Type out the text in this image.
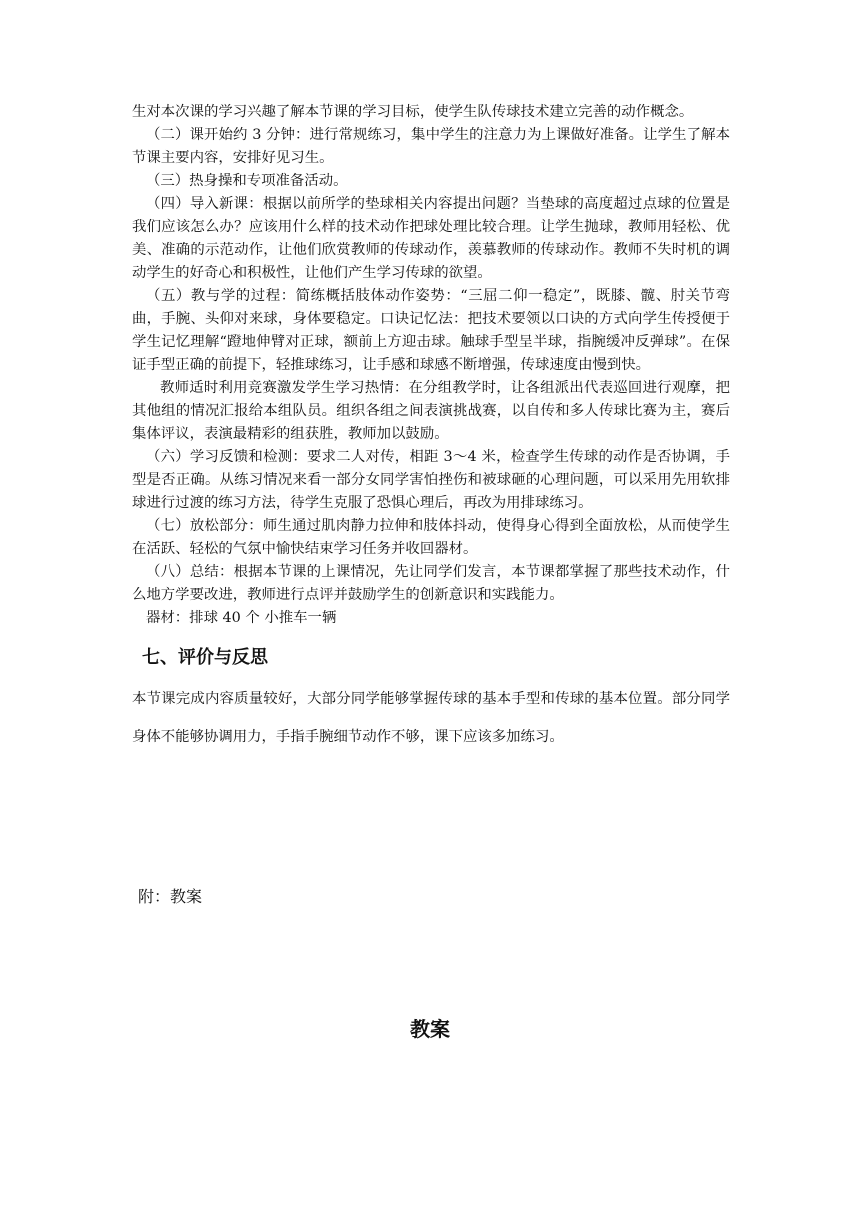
生对本次课的学习兴趣了解本节课的学习目标，使学生队传球技术建立完善的动作概念。

（二）课开始约 3 分钟：进行常规练习，集中学生的注意力为上课做好准备。让学生了解本节课主要内容，安排好见习生。

（三）热身操和专项准备活动。

（四）导入新课：根据以前所学的垫球相关内容提出问题？当垫球的高度超过点球的位置是我们应该怎么办？应该用什么样的技术动作把球处理比较合理。让学生抛球，教师用轻松、优美、准确的示范动作，让他们欣赏教师的传球动作，羡慕教师的传球动作。教师不失时机的调动学生的好奇心和积极性，让他们产生学习传球的欲望。

（五）教与学的过程：简练概括肢体动作姿势：“三屈二仰一稳定”，既膝、髋、肘关节弯曲，手腕、头仰对来球，身体要稳定。口诀记忆法：把技术要领以口诀的方式向学生传授便于学生记忆理解“蹬地伸臂对正球，额前上方迎击球。触球手型呈半球，指腕缓冲反弹球”。在保证手型正确的前提下，轻推球练习，让手感和球感不断增强，传球速度由慢到快。

教师适时利用竞赛激发学生学习热情：在分组教学时，让各组派出代表巡回进行观摩，把其他组的情况汇报给本组队员。组织各组之间表演挑战赛，以自传和多人传球比赛为主，赛后集体评议，表演最精彩的组获胜，教师加以鼓励。

（六）学习反馈和检测：要求二人对传，相距 3～4 米，检查学生传球的动作是否协调，手型是否正确。从练习情况来看一部分女同学害怕挫伤和被球砸的心理问题，可以采用先用软排球进行过渡的练习方法，待学生克服了恐惧心理后，再改为用排球练习。

（七）放松部分：师生通过肌肉静力拉伸和肢体抖动，使得身心得到全面放松，从而使学生在活跃、轻松的气氛中愉快结束学习任务并收回器材。

（八）总结：根据本节课的上课情况，先让同学们发言，本节课都掌握了那些技术动作，什么地方学要改进，教师进行点评并鼓励学生的创新意识和实践能力。

器材：排球 40 个 小推车一辆

七、评价与反思

本节课完成内容质量较好，大部分同学能够掌握传球的基本手型和传球的基本位置。部分同学身体不能够协调用力，手指手腕细节动作不够，课下应该多加练习。

附：教案

教案
